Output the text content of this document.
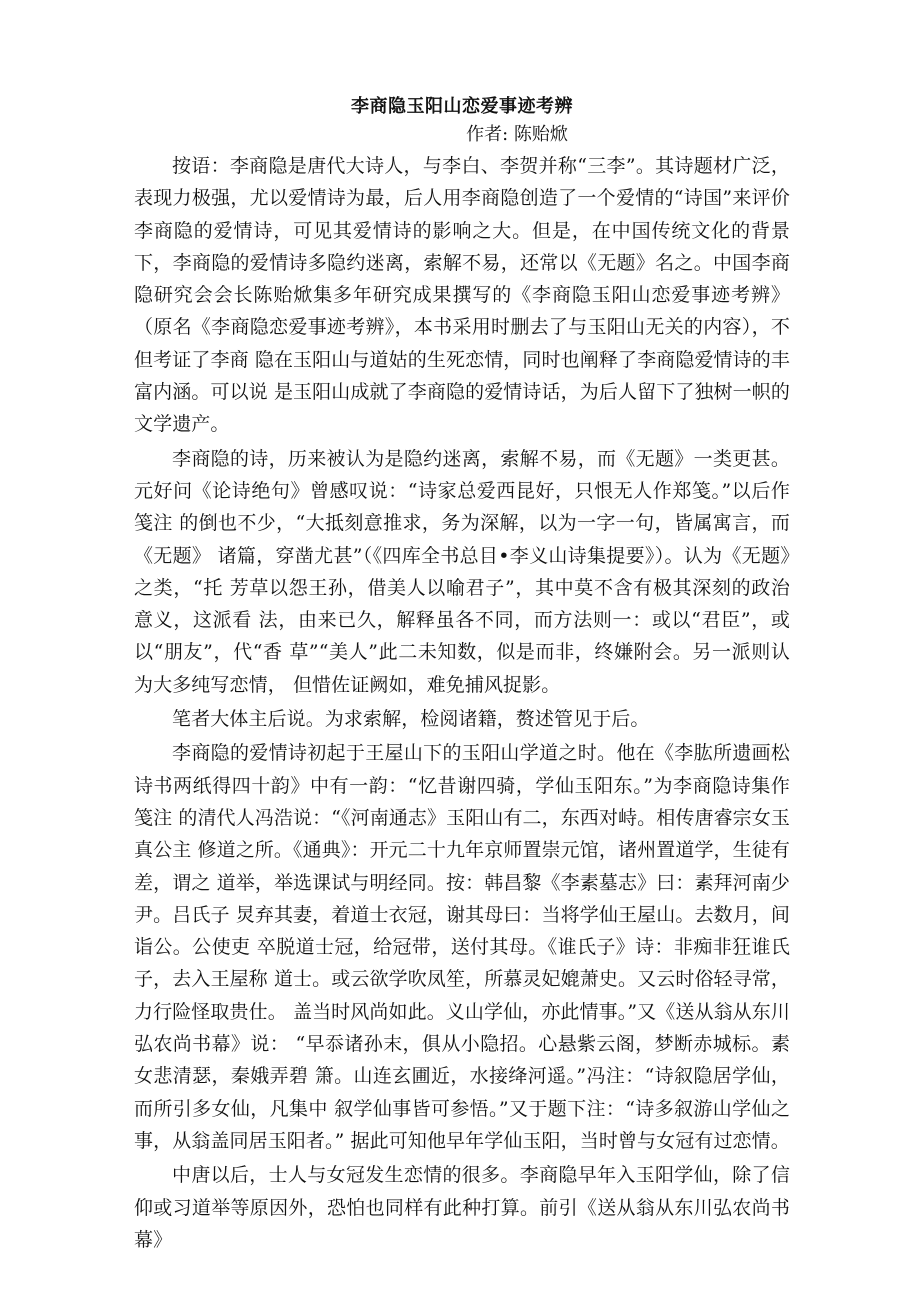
李商隐玉阳山恋爱事迹考辨

作者: 陈贻焮

按语：李商隐是唐代大诗人，与李白、李贺并称“三李”。其诗题材广泛，表现力极强，尤以爱情诗为最，后人用李商隐创造了一个爱情的“诗国”来评价李商隐的爱情诗，可见其爱情诗的影响之大。但是，在中国传统文化的背景下，李商隐的爱情诗多隐约迷离，索解不易，还常以《无题》名之。中国李商隐研究会会长陈贻焮集多年研究成果撰写的《李商隐玉阳山恋爱事迹考辨》（原名《李商隐恋爱事迹考辨》，本书采用时删去了与玉阳山无关的内容），不但考证了李商 隐在玉阳山与道姑的生死恋情，同时也阐释了李商隐爱情诗的丰富内涵。可以说 是玉阳山成就了李商隐的爱情诗话，为后人留下了独树一帜的文学遗产。

李商隐的诗，历来被认为是隐约迷离，索解不易，而《无题》一类更甚。元好问《论诗绝句》曾感叹说：“诗家总爱西昆好，只恨无人作郑笺。”以后作笺注 的倒也不少，“大抵刻意推求，务为深解，以为一字一句，皆属寓言，而《无题》 诸篇，穿凿尤甚”（《四库全书总目•李义山诗集提要》）。认为《无题》之类，“托 芳草以怨王孙，借美人以喻君子”，其中莫不含有极其深刻的政治意义，这派看 法，由来已久，解释虽各不同，而方法则一：或以“君臣”，或以“朋友”，代“香 草”“美人”此二未知数，似是而非，终嫌附会。另一派则认为大多纯写恋情， 但惜佐证阙如，难免捕风捉影。

笔者大体主后说。为求索解，检阅诸籍，赘述管见于后。

李商隐的爱情诗初起于王屋山下的玉阳山学道之时。他在《李肱所遗画松诗书两纸得四十韵》中有一韵：“忆昔谢四骑，学仙玉阳东。”为李商隐诗集作笺注 的清代人冯浩说：“《河南通志》玉阳山有二，东西对峙。相传唐睿宗女玉真公主 修道之所。《通典》：开元二十九年京师置崇元馆，诸州置道学，生徒有差，谓之 道举，举选课试与明经同。按：韩昌黎《李素墓志》曰：素拜河南少尹。吕氏子 炅弃其妻，着道士衣冠，谢其母曰：当将学仙王屋山。去数月，间诣公。公使吏 卒脱道士冠，给冠带，送付其母。《谁氏子》诗：非痴非狂谁氏子，去入王屋称 道士。或云欲学吹凤笙，所慕灵妃媲萧史。又云时俗轻寻常，力行险怪取贵仕。 盖当时风尚如此。义山学仙，亦此情事。”又《送从翁从东川弘农尚书幕》说： “早忝诸孙末，俱从小隐招。心悬紫云阁，梦断赤城标。素女悲清瑟，秦娥弄碧 箫。山连玄圃近，水接绛河遥。”冯注：“诗叙隐居学仙，而所引多女仙，凡集中 叙学仙事皆可参悟。”又于题下注：“诗多叙游山学仙之事，从翁盖同居玉阳者。” 据此可知他早年学仙玉阳，当时曾与女冠有过恋情。

中唐以后，士人与女冠发生恋情的很多。李商隐早年入玉阳学仙，除了信仰或习道举等原因外，恐怕也同样有此种打算。前引《送从翁从东川弘农尚书幕》
